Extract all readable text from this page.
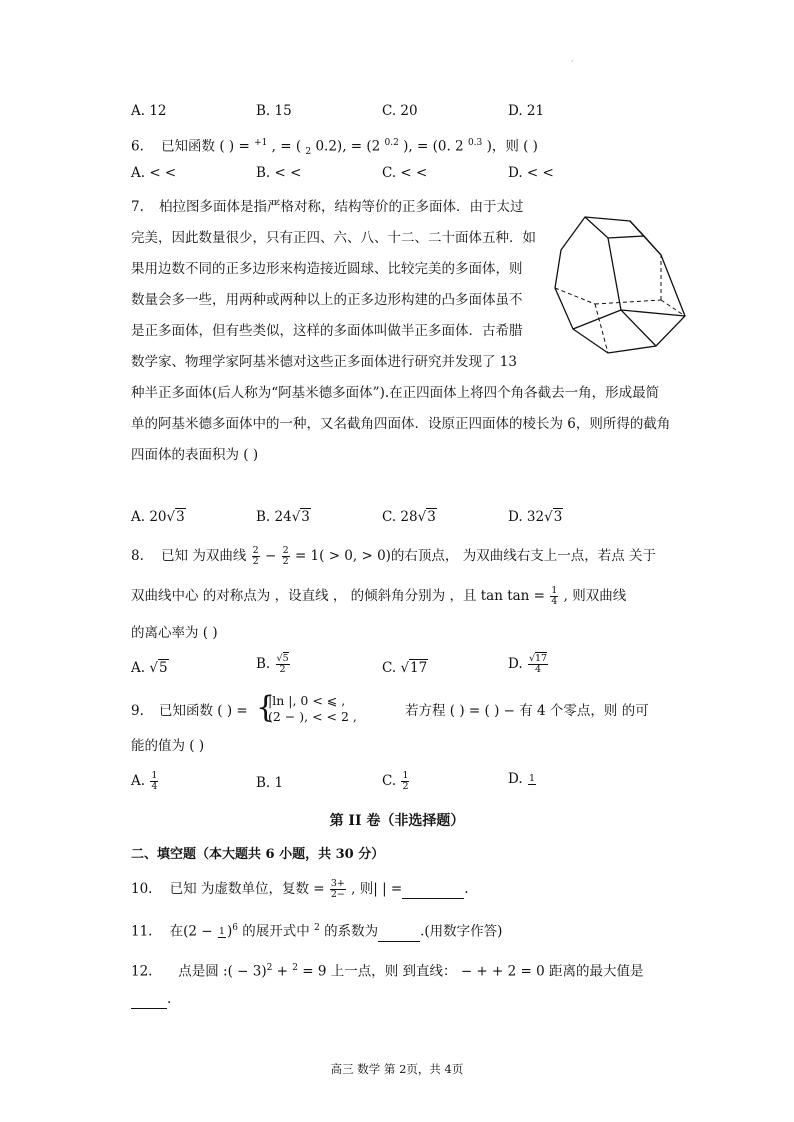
·
A. 12	B. 15	C. 20	D. 21
6. 已知函数 ( ) = $^{+1}$ , = ( $_2$ 0.2), = (2 $^{0.2}$ ), = (0. 2 $^{0.3}$ )，则 ( )
A. < <	B. < <	C. < <	D. < <
7. 柏拉图多面体是指严格对称，结构等价的正多面体．由于太过
完美，因此数量很少，只有正四、六、八、十二、二十面体五种．如
果用边数不同的正多边形来构造接近圆球、比较完美的多面体，则
数量会多一些，用两种或两种以上的正多边形构建的凸多面体虽不
是正多面体，但有些类似，这样的多面体叫做半正多面体．古希腊
数学家、物理学家阿基米德对这些正多面体进行研究并发现了 13
种半正多面体(后人称为“阿基米德多面体”).在正四面体上将四个角各截去一角，形成最简
单的阿基米德多面体中的一种，又名截角四面体．设原正四面体的棱长为 6，则所得的截角
四面体的表面积为 ( )
A. 20√3	B. 24√3	C. 28√3	D. 32√3
8. 已知 为双曲线 $\frac{2}{2} - \frac{2}{2} = 1( > 0$, > 0)的右顶点， 为双曲线右支上一点，若点 关于
双曲线中心 的对称点为 ，设直线 ， 的倾斜角分别为 ，且 $\tan \tan = \frac{1}{4}$ , 则双曲线
的离心率为 ( )
A. √5	B. $\frac{√5}{2}$	C. √17	D. $\frac{√17}{4}$
9. 已知函数 ( ) = {
|ln |, 0 < ⩽ ,
(2 − ), < < 2 ,	若方程 ( ) = ( ) − 有 4 个零点，则 的可
能的值为 ( )
A. $\frac{1}{4}$	B. 1	C. $\frac{1}{2}$	D. 1
第 II 卷（非选择题）
二、填空题（本大题共 6 小题，共 30 分）
10. 已知 为虚数单位，复数 = $\frac{3+}{2-}$ , 则| | =	.
11. 在(2 − 1 )$^6$ 的展开式中 $^2$ 的系数为	.(用数字作答)
12. 点是圆 :( − 3)$^2$ + $^2$ = 9 上一点，则 到直线： − + + 2 = 0 距离的最大值是
.
高三 数学 第 2页，共 4页
